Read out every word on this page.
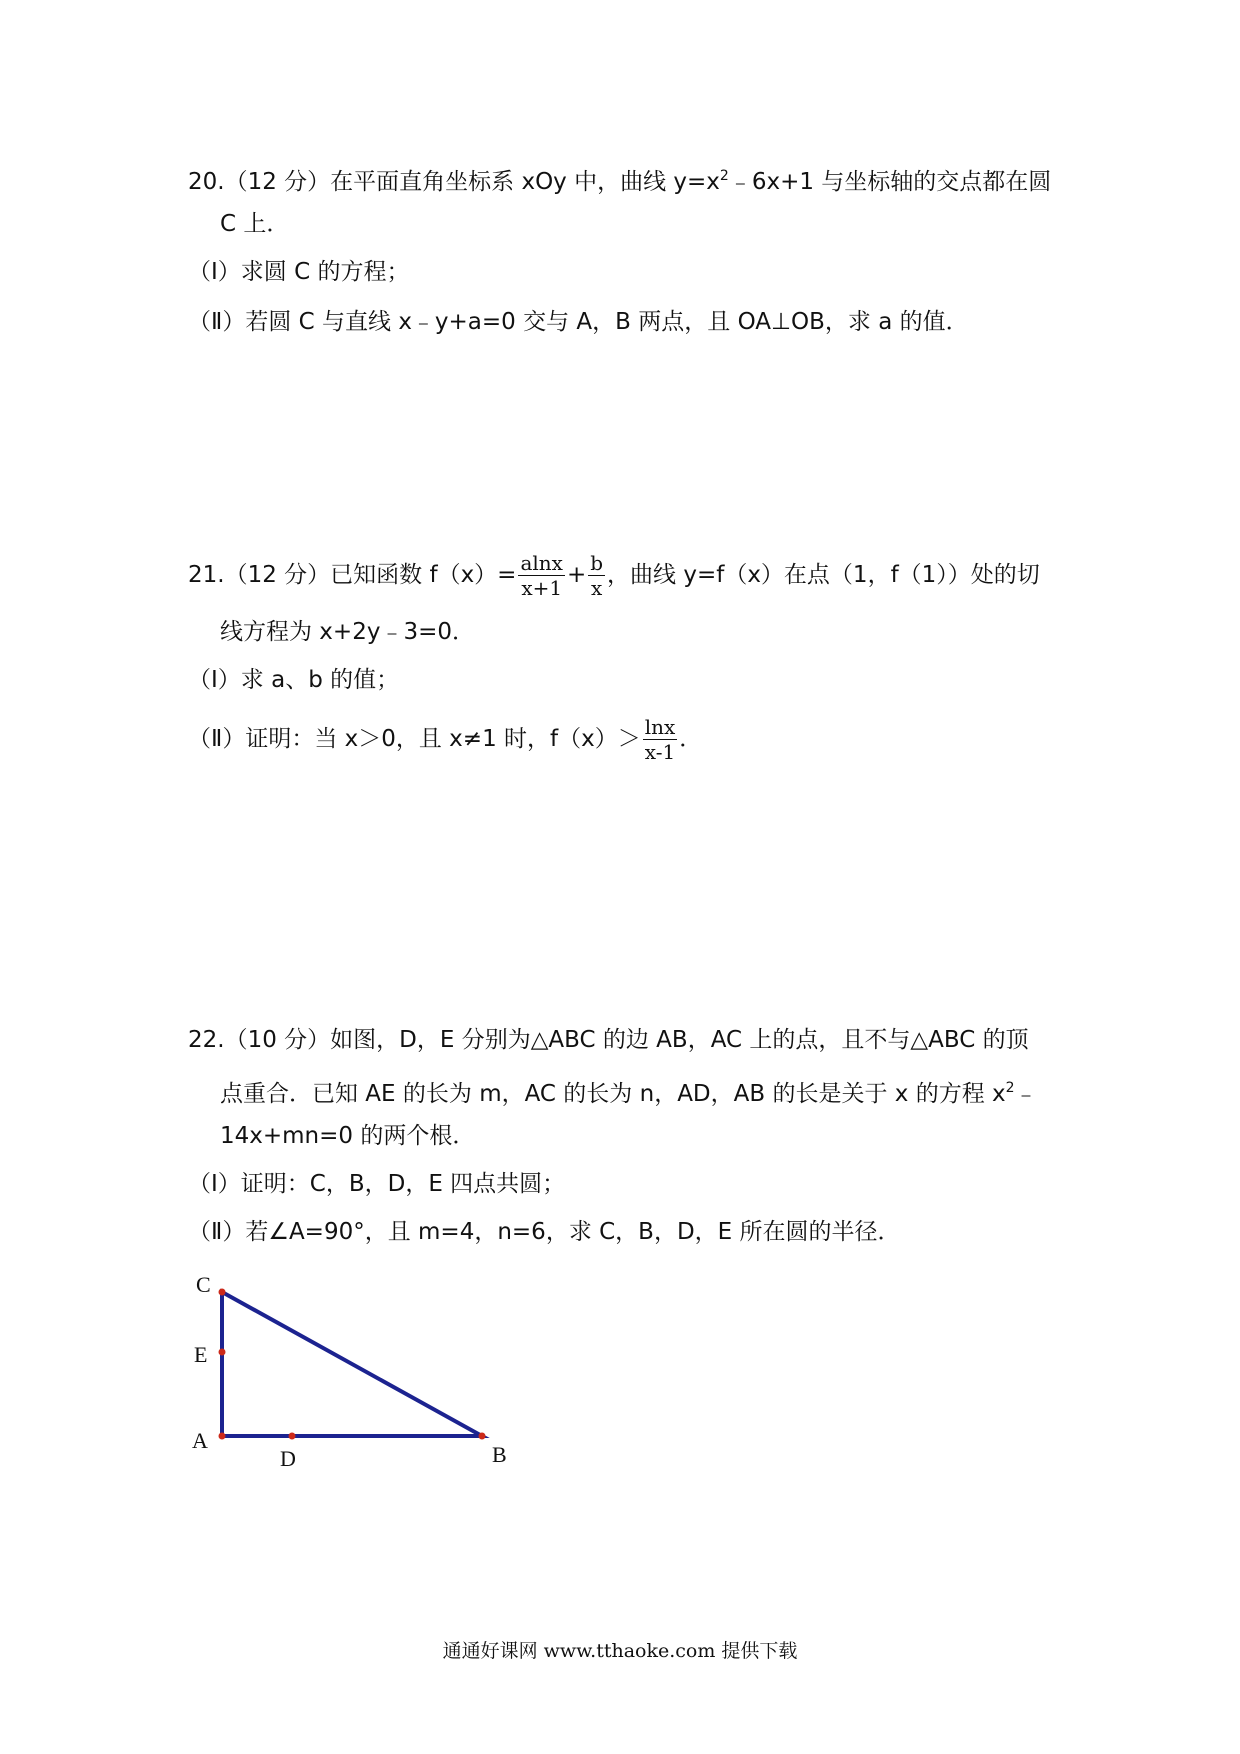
20.（12 分）在平面直角坐标系 xOy 中，曲线 $y=x^2﹣6x+1$ 与坐标轴的交点都在圆
C 上．
（Ⅰ）求圆 C 的方程；
（Ⅱ）若圆 C 与直线 x﹣y+a=0 交与 A，B 两点，且 OA⊥OB，求 a 的值．
21.（12 分）已知函数 $f(x)= \frac{alnx}{x+1} + \frac{b}{x}$ ，曲线 y=f（x）在点（1，f（1））处的切
线方程为 x+2y﹣3=0．
（Ⅰ）求 a、b 的值；
（Ⅱ）证明：当 x＞0，且 x≠1 时，$f(x)> \frac{\ln x}{x-1}$ ．
22.（10 分）如图，D，E 分别为△ABC 的边 AB，AC 上的点，且不与△ABC 的顶
点重合．已知 AE 的长为 m，AC 的长为 n，AD，AB 的长是关于 x 的方程 $x^2﹣$
14x+mn=0 的两个根．
（Ⅰ）证明：C，B，D，E 四点共圆；
（Ⅱ）若∠A=90°，且 m=4，n=6，求 C，B，D，E 所在圆的半径．
C
E
A
D	B
通通好课网 www.tthaoke.com 提供下载
